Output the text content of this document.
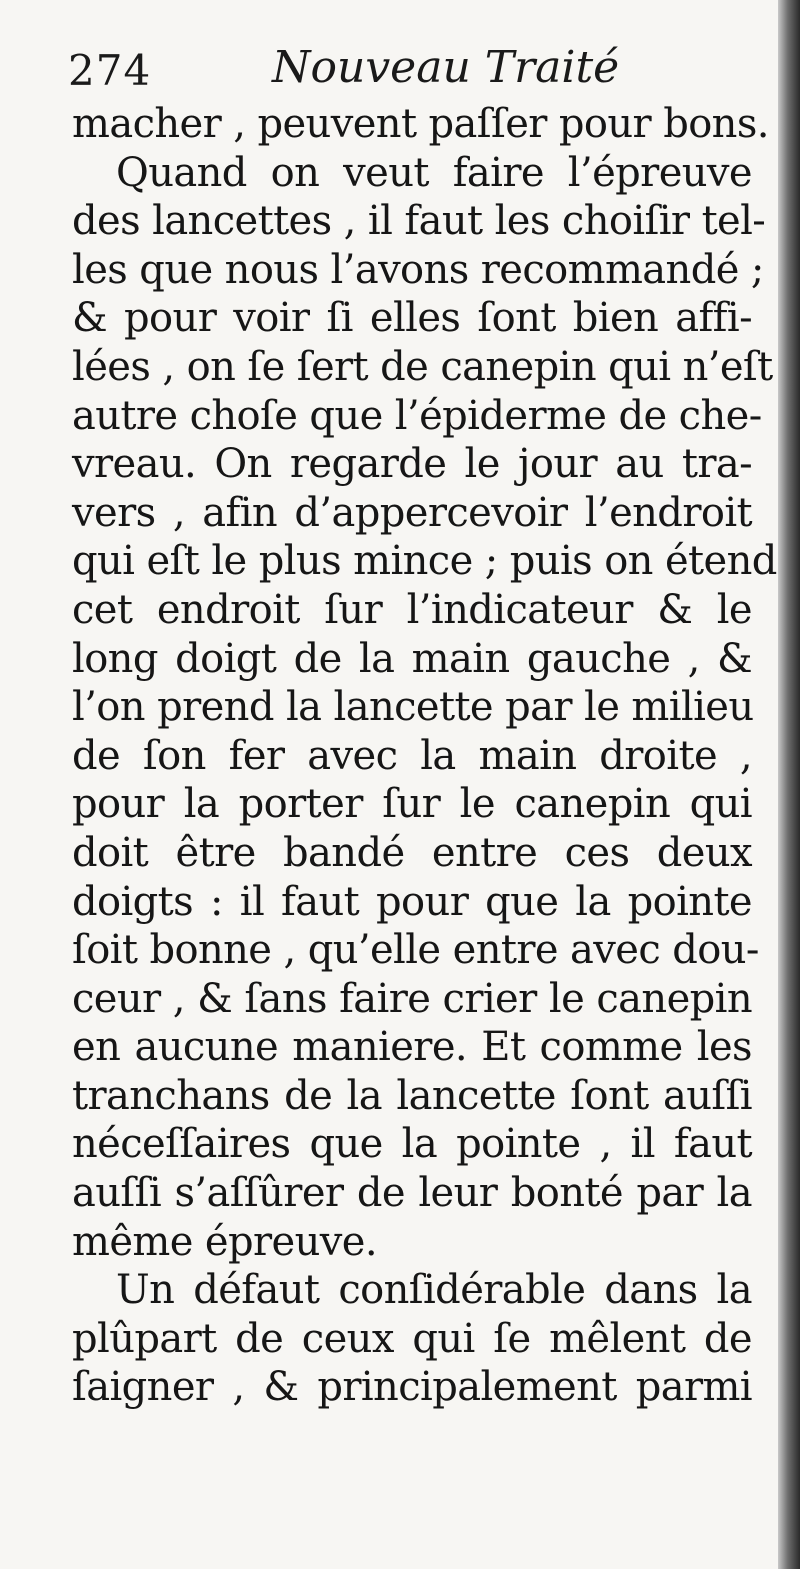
274	Nouveau Traité
macher , peuvent paſſer pour bons.
Quand on veut faire l’épreuve
des lancettes , il faut les choiſir tel-
les que nous l’avons recommandé ;
& pour voir ſi elles ſont bien affi-
lées , on ſe ſert de canepin qui n’eſt
autre choſe que l’épiderme de che-
vreau. On regarde le jour au tra-
vers , afin d’appercevoir l’endroit
qui eſt le plus mince ; puis on étend
cet endroit ſur l’indicateur & le
long doigt de la main gauche , &
l’on prend la lancette par le milieu
de ſon fer avec la main droite ,
pour la porter ſur le canepin qui
doit être bandé entre ces deux
doigts : il faut pour que la pointe
ſoit bonne , qu’elle entre avec dou-
ceur , & ſans faire crier le canepin
en aucune maniere. Et comme les
tranchans de la lancette ſont auſſi
néceſſaires que la pointe , il faut
auſſi s’aſſûrer de leur bonté par la
même épreuve.
Un défaut conſidérable dans la
plûpart de ceux qui ſe mêlent de
ſaigner , & principalement parmi
